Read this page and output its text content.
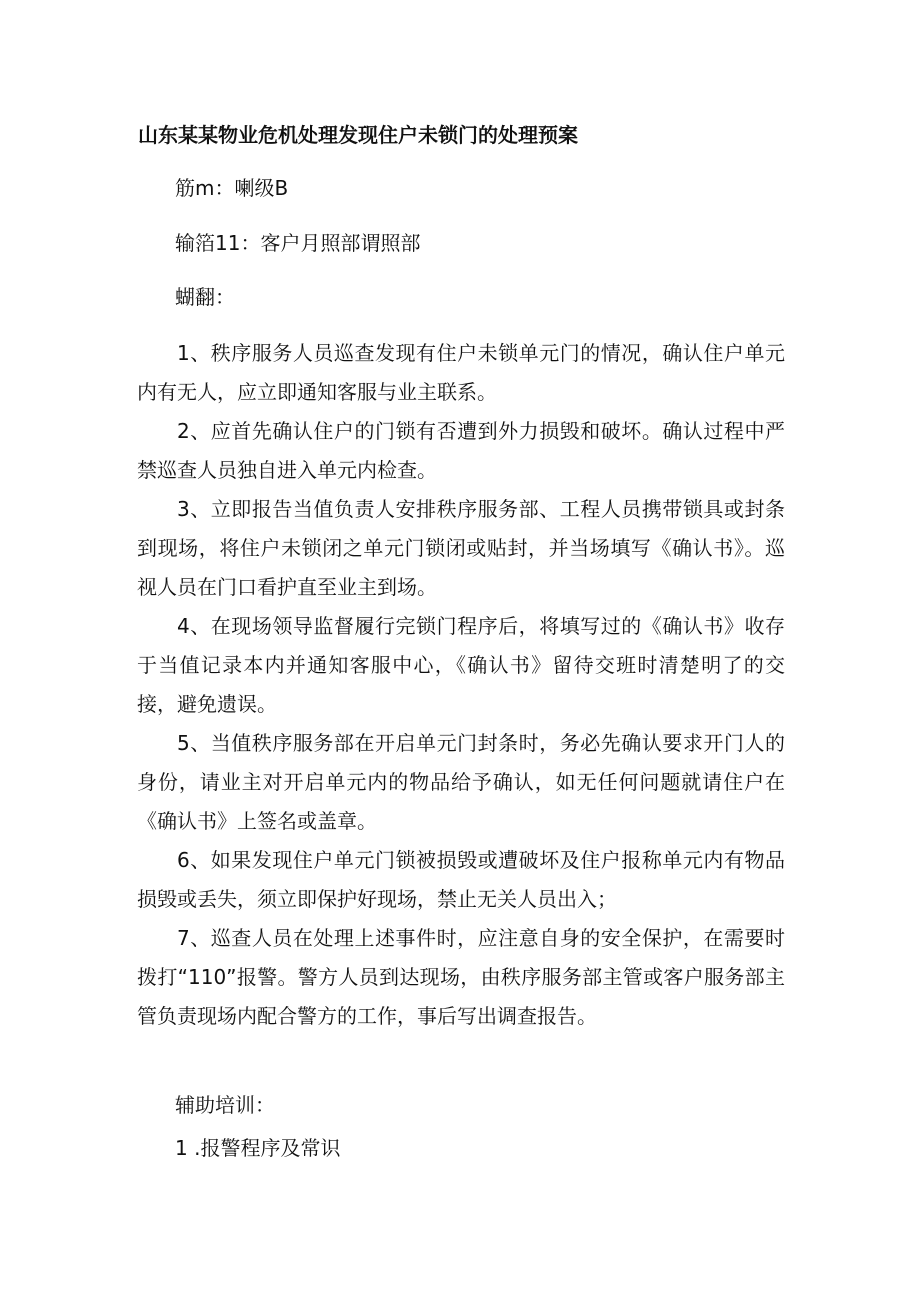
山东某某物业危机处理发现住户未锁门的处理预案
筋m：喇级B
输箔11：客户月照部谓照部
蝴翻：

1、秩序服务人员巡查发现有住户未锁单元门的情况，确认住户单元内有无人，应立即通知客服与业主联系。

2、应首先确认住户的门锁有否遭到外力损毁和破坏。确认过程中严禁巡查人员独自进入单元内检查。

3、立即报告当值负责人安排秩序服务部、工程人员携带锁具或封条到现场，将住户未锁闭之单元门锁闭或贴封，并当场填写《确认书》。巡视人员在门口看护直至业主到场。

4、在现场领导监督履行完锁门程序后，将填写过的《确认书》收存于当值记录本内并通知客服中心，《确认书》留待交班时清楚明了的交接，避免遗误。

5、当值秩序服务部在开启单元门封条时，务必先确认要求开门人的身份，请业主对开启单元内的物品给予确认，如无任何问题就请住户在《确认书》上签名或盖章。

6、如果发现住户单元门锁被损毁或遭破坏及住户报称单元内有物品损毁或丢失，须立即保护好现场，禁止无关人员出入；

7、巡查人员在处理上述事件时，应注意自身的安全保护，在需要时拨打“110”报警。警方人员到达现场，由秩序服务部主管或客户服务部主管负责现场内配合警方的工作，事后写出调查报告。

辅助培训：
1 .报警程序及常识
